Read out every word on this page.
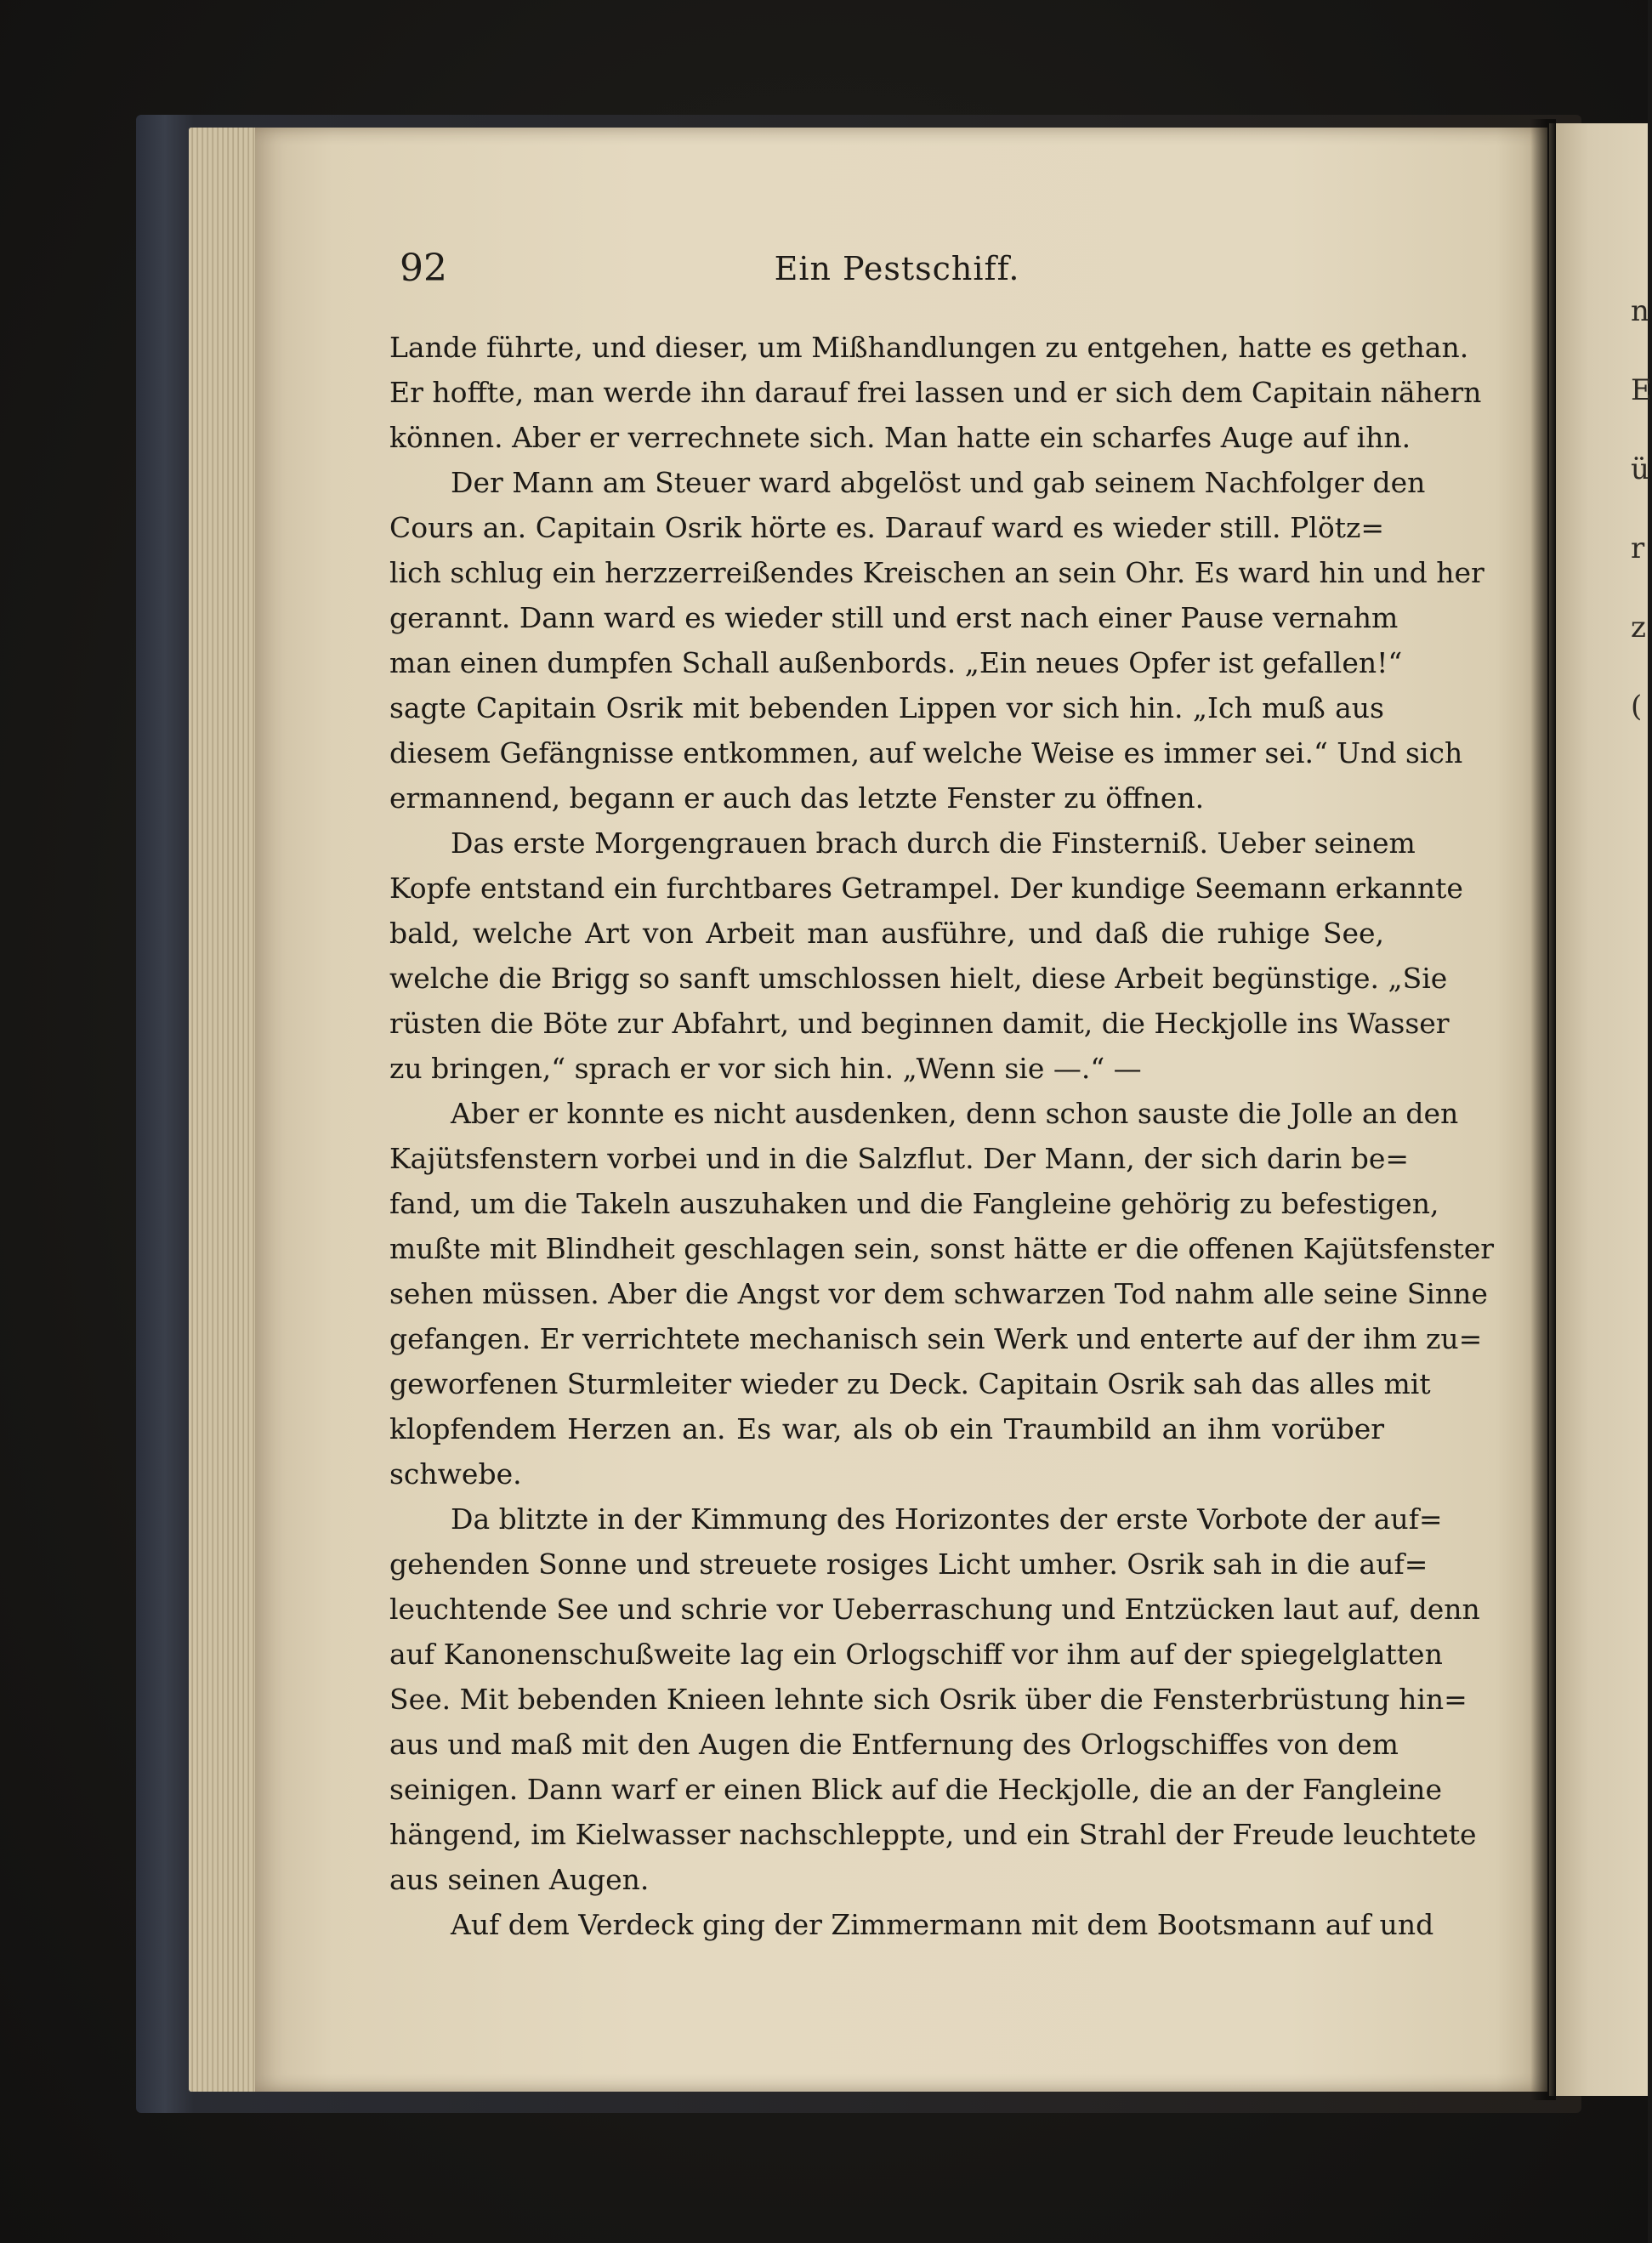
n
E
ü
r
z
(
92	Ein Pestschiff.
Lande führte, und dieser, um Mißhandlungen zu entgehen, hatte es gethan.
Er hoffte, man werde ihn darauf frei lassen und er sich dem Capitain nähern
können. Aber er verrechnete sich. Man hatte ein scharfes Auge auf ihn.
Der Mann am Steuer ward abgelöst und gab seinem Nachfolger den
Cours an. Capitain Osrik hörte es. Darauf ward es wieder still. Plötz=
lich schlug ein herzzerreißendes Kreischen an sein Ohr. Es ward hin und her
gerannt. Dann ward es wieder still und erst nach einer Pause vernahm
man einen dumpfen Schall außenbords. „Ein neues Opfer ist gefallen!“
sagte Capitain Osrik mit bebenden Lippen vor sich hin. „Ich muß aus
diesem Gefängnisse entkommen, auf welche Weise es immer sei.“ Und sich
ermannend, begann er auch das letzte Fenster zu öffnen.
Das erste Morgengrauen brach durch die Finsterniß. Ueber seinem
Kopfe entstand ein furchtbares Getrampel. Der kundige Seemann erkannte
bald, welche Art von Arbeit man ausführe, und daß die ruhige See,
welche die Brigg so sanft umschlossen hielt, diese Arbeit begünstige. „Sie
rüsten die Böte zur Abfahrt, und beginnen damit, die Heckjolle ins Wasser
zu bringen,“ sprach er vor sich hin. „Wenn sie —.“ —
Aber er konnte es nicht ausdenken, denn schon sauste die Jolle an den
Kajütsfenstern vorbei und in die Salzflut. Der Mann, der sich darin be=
fand, um die Takeln auszuhaken und die Fangleine gehörig zu befestigen,
mußte mit Blindheit geschlagen sein, sonst hätte er die offenen Kajütsfenster
sehen müssen. Aber die Angst vor dem schwarzen Tod nahm alle seine Sinne
gefangen. Er verrichtete mechanisch sein Werk und enterte auf der ihm zu=
geworfenen Sturmleiter wieder zu Deck. Capitain Osrik sah das alles mit
klopfendem Herzen an. Es war, als ob ein Traumbild an ihm vorüber
schwebe.
Da blitzte in der Kimmung des Horizontes der erste Vorbote der auf=
gehenden Sonne und streuete rosiges Licht umher. Osrik sah in die auf=
leuchtende See und schrie vor Ueberraschung und Entzücken laut auf, denn
auf Kanonenschußweite lag ein Orlogschiff vor ihm auf der spiegelglatten
See. Mit bebenden Knieen lehnte sich Osrik über die Fensterbrüstung hin=
aus und maß mit den Augen die Entfernung des Orlogschiffes von dem
seinigen. Dann warf er einen Blick auf die Heckjolle, die an der Fangleine
hängend, im Kielwasser nachschleppte, und ein Strahl der Freude leuchtete
aus seinen Augen.
Auf dem Verdeck ging der Zimmermann mit dem Bootsmann auf und
